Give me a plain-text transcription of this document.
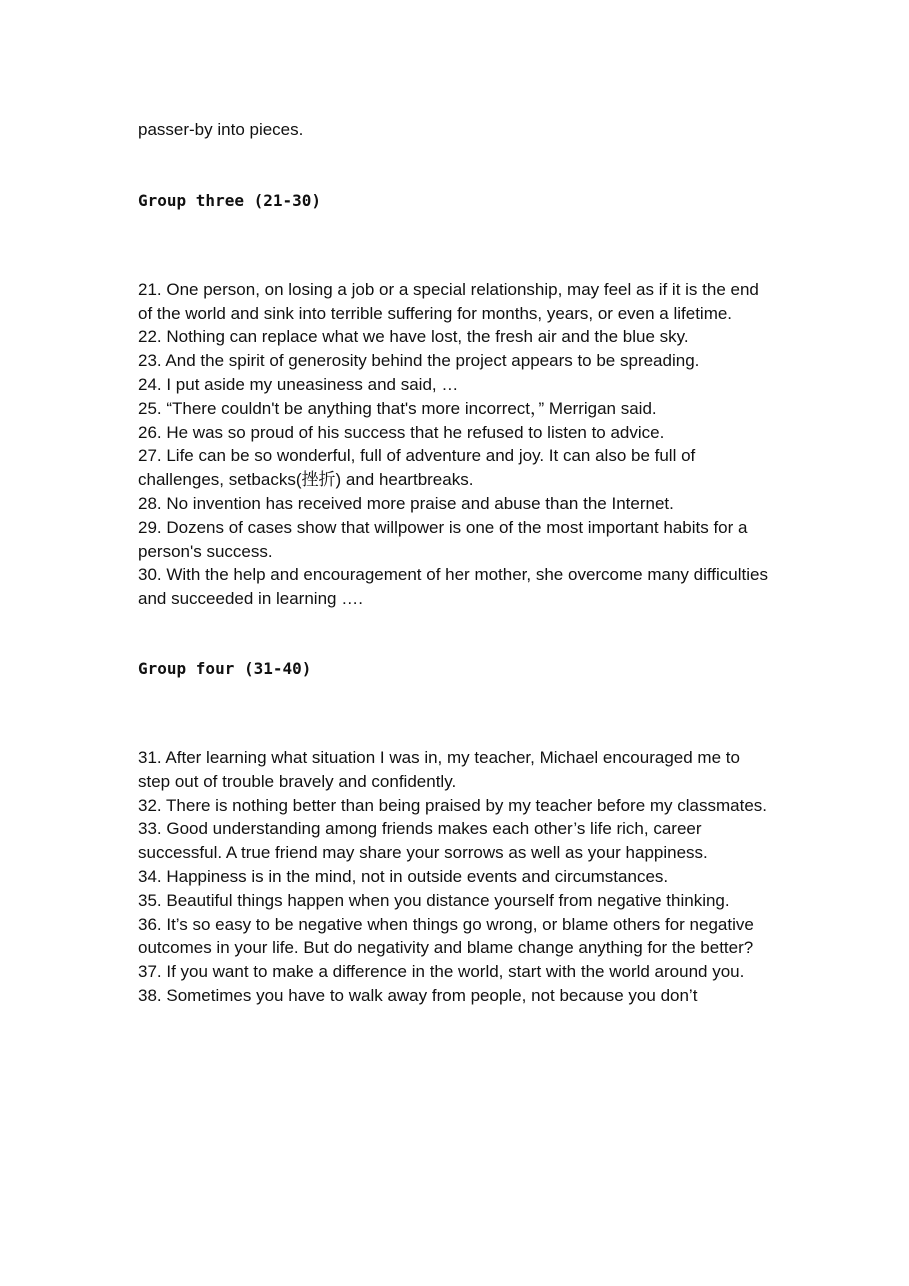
passer-by into pieces.

Group three (21-30)

21. One person, on losing a job or a special relationship, may feel as if it is the end of the world and sink into terrible suffering for months, years, or even a lifetime.

22. Nothing can replace what we have lost, the fresh air and the blue sky.

23. And the spirit of generosity behind the project appears to be spreading.

24. I put aside my uneasiness and said, …

25. “There couldn't be anything that's more incorrect，” Merrigan said.

26. He was so proud of his success that he refused to listen to advice.

27. Life can be so wonderful, full of adventure and joy. It can also be full of challenges, setbacks(挫折) and heartbreaks.

28. No invention has received more praise and abuse than the Internet.

29. Dozens of cases show that willpower is one of the most important habits for a person's success.

30. With the help and encouragement of her mother, she overcome many difficulties and succeeded in learning ….

Group four (31-40)

31. After learning what situation I was in, my teacher, Michael encouraged me to step out of trouble bravely and confidently.

32. There is nothing better than being praised by my teacher before my classmates.

33. Good understanding among friends makes each other’s life rich, career successful. A true friend may share your sorrows as well as your happiness.

34. Happiness is in the mind, not in outside events and circumstances.

35. Beautiful things happen when you distance yourself from negative thinking.

36. It’s so easy to be negative when things go wrong, or blame others for negative outcomes in your life. But do negativity and blame change anything for the better?

37. If you want to make a difference in the world, start with the world around you.

38. Sometimes you have to walk away from people, not because you don’t
